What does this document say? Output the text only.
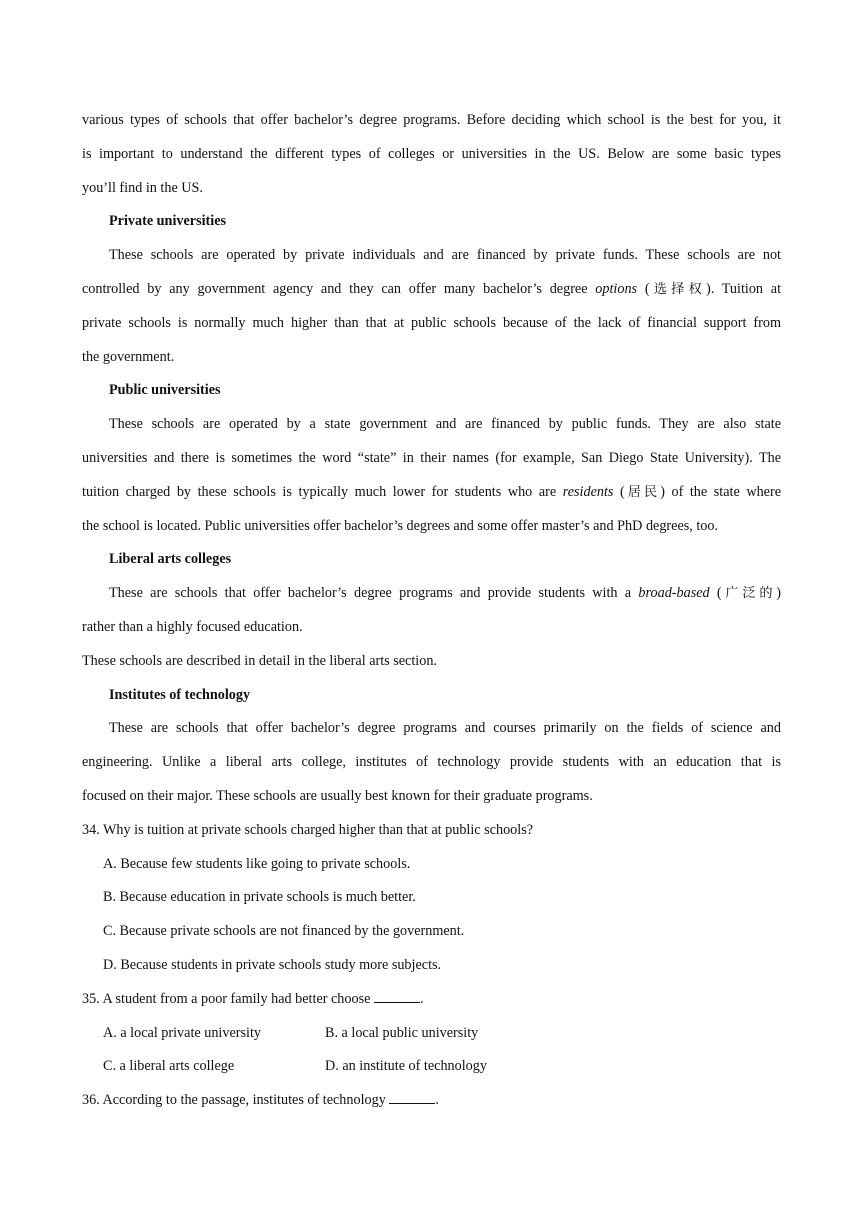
various types of schools that offer bachelor’s degree programs. Before deciding which school is the best for you, it
is important to understand the different types of colleges or universities in the US. Below are some basic types
you’ll find in the US.
Private universities
These schools are operated by private individuals and are financed by private funds. These schools are not
controlled by any government agency and they can offer many bachelor’s degree options (选择权). Tuition at
private schools is normally much higher than that at public schools because of the lack of financial support from
the government.
Public universities
These schools are operated by a state government and are financed by public funds. They are also state
universities and there is sometimes the word “state” in their names (for example, San Diego State University). The
tuition charged by these schools is typically much lower for students who are residents (居民) of the state where
the school is located. Public universities offer bachelor’s degrees and some offer master’s and PhD degrees, too.
Liberal arts colleges
These are schools that offer bachelor’s degree programs and provide students with a broad-based (广泛的)
rather than a highly focused education.
These schools are described in detail in the liberal arts section.
Institutes of technology
These are schools that offer bachelor’s degree programs and courses primarily on the fields of science and
engineering. Unlike a liberal arts college, institutes of technology provide students with an education that is
focused on their major. These schools are usually best known for their graduate programs.
34. Why is tuition at private schools charged higher than that at public schools?
A. Because few students like going to private schools.
B. Because education in private schools is much better.
C. Because private schools are not financed by the government.
D. Because students in private schools study more subjects.
35. A student from a poor family had better choose	.
A. a local private university	B. a local public university
C. a liberal arts college	D. an institute of technology
36. According to the passage, institutes of technology	.
